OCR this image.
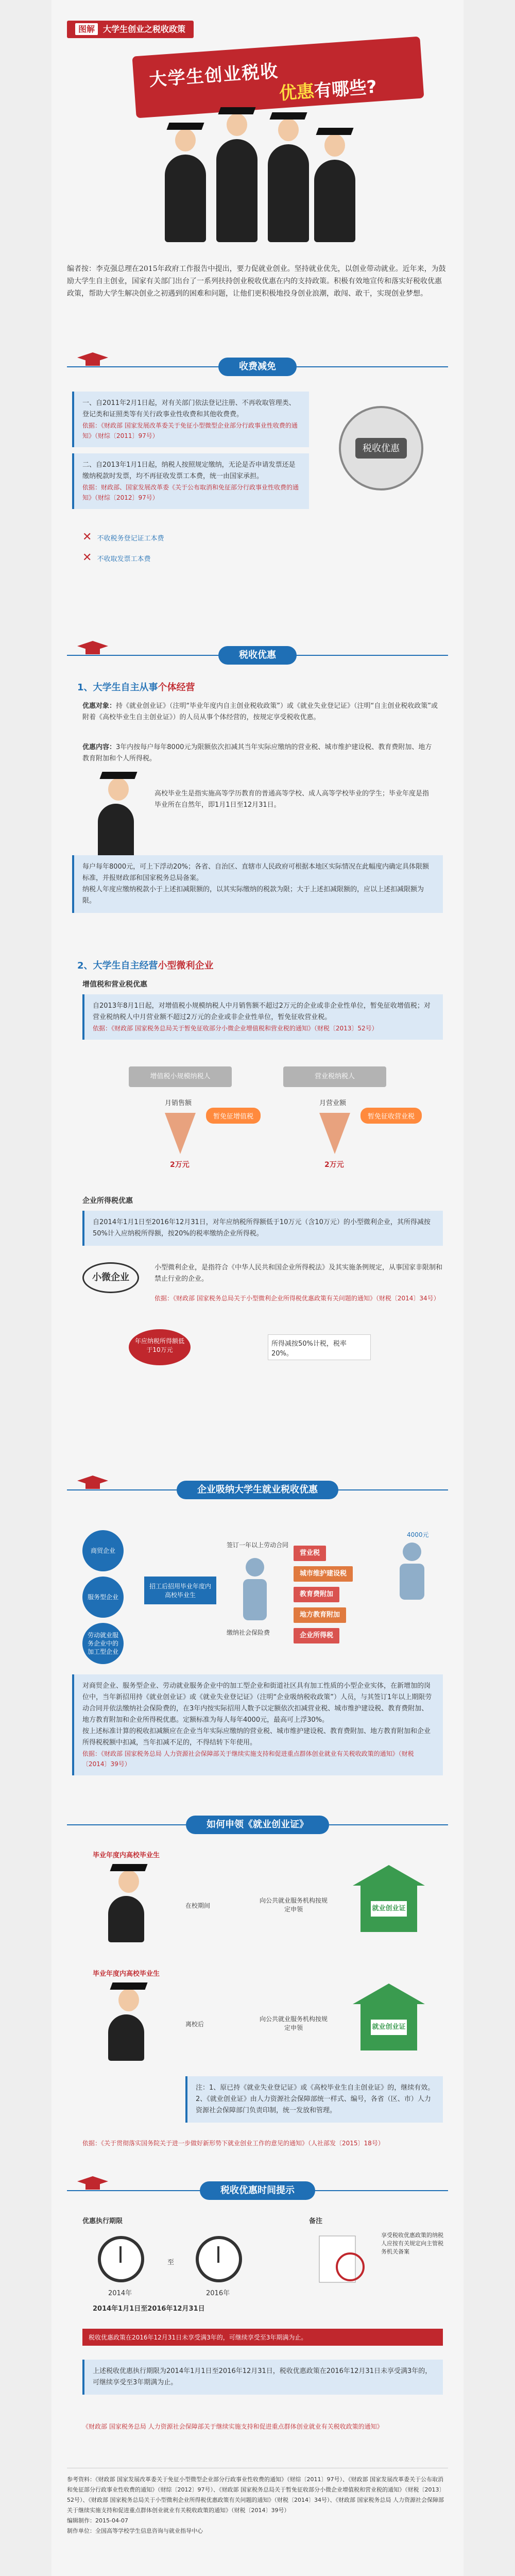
图解 大学生创业之税收政策
大学生创业税收
优惠有哪些?

编者按：李克强总理在2015年政府工作报告中提出，要力促就业创业。坚持就业优先，以创业带动就业。近年来，为鼓励大学生自主创业，国家有关部门出台了一系列扶持创业税收优惠在内的支持政策。积极有效地宣传和落实好税收优惠政策，帮助大学生解决创业之初遇到的困难和问题，让他们更积极地投身创业浪潮，敢闯、敢干，实现创业梦想。

收费减免
一、自2011年2月1日起，对有关部门依法登记注册、不再收取管理类、登记类和证照类等有关行政事业性收费和其他收费费。
依据：《财政部 国家发展改革委关于免征小型微型企业部分行政事业性收费的通知》（财综〔2011〕97号）
二、自2013年1月1日起，纳税人按照规定缴纳，无论是否申请发票还是缴纳税款时发票，均不再征收发票工本费，统一由国家承担。
依据：财政部、国家发展改革委《关于公布取消和免征部分行政事业性收费的通知》（财综〔2012〕97号）
税收优惠
✕ 不收税务登记证工本费
✕ 不收取发票工本费
税收优惠
1、大学生自主从事个体经营
优惠对象：持《就业创业证》（注明“毕业年度内自主创业税收政策”）或《就业失业登记证》（注明“自主创业税收政策”或附着《高校毕业生自主创业证》）的人员从事个体经营的，按规定享受税收优惠。
优惠内容：3年内按每户每年8000元为限额依次扣减其当年实际应缴纳的营业税、城市维护建设税、教育费附加、地方教育附加和个人所得税。
高校毕业生是指实施高等学历教育的普通高等学校、成人高等学校毕业的学生；毕业年度是指毕业所在自然年，即1月1日至12月31日。
每户每年8000元，可上下浮动20%；各省、自治区、直辖市人民政府可根据本地区实际情况在此幅度内确定具体限额标准，并报财政部和国家税务总局备案。
纳税人年度应缴纳税款小于上述扣减限额的，以其实际缴纳的税款为限；大于上述扣减限额的，应以上述扣减限额为限。
2、大学生自主经营小型微利企业
增值税和营业税优惠
自2013年8月1日起，对增值税小规模纳税人中月销售额不超过2万元的企业或非企业性单位，暂免征收增值税；对营业税纳税人中月营业额不超过2万元的企业或非企业性单位，暂免征收营业税。
依据：《财政部 国家税务总局关于暂免征收部分小微企业增值税和营业税的通知》（财税〔2013〕52号）
增值税小规模纳税人	营业税纳税人
月销售额	月营业额
2万元	2万元
暂免征增值税	暂免征收营业税
企业所得税优惠
自2014年1月1日至2016年12月31日，对年应纳税所得额低于10万元（含10万元）的小型微利企业，其所得减按50%计入应纳税所得额，按20%的税率缴纳企业所得税。
小微企业
小型微利企业，是指符合《中华人民共和国企业所得税法》及其实施条例规定，从事国家非限制和禁止行业的企业。
依据：《财政部 国家税务总局关于小型微利企业所得税优惠政策有关问题的通知》（财税〔2014〕34号）
年应纳税所得额低于10万元
所得减按50%计税，税率20%。
企业吸纳大学生就业税收优惠
商贸企业
服务型企业
劳动就业服务企业中的加工型企业
招工后招用毕业年度内高校毕业生
签订一年以上劳动合同
缴纳社会保险费
营业税
城市维护建设税
教育费附加
地方教育附加
企业所得税
4000元
对商贸企业、服务型企业、劳动就业服务企业中的加工型企业和街道社区具有加工性质的小型企业实体，在新增加的岗位中，当年新招用持《就业创业证》或《就业失业登记证》（注明“企业吸纳税收政策”）人员，与其签订1年以上期限劳动合同并依法缴纳社会保险费的，在3年内按实际招用人数予以定额依次扣减营业税、城市维护建设税、教育费附加、地方教育附加和企业所得税优惠。定额标准为每人每年4000元，最高可上浮30%。
按上述标准计算的税收扣减额应在企业当年实际应缴纳的营业税、城市维护建设税、教育费附加、地方教育附加和企业所得税税额中扣减，当年扣减不足的，不得结转下年使用。
依据：《财政部 国家税务总局 人力资源社会保障部关于继续实施支持和促进重点群体创业就业有关税收政策的通知》（财税〔2014〕39号）
如何申领《就业创业证》
毕业年度内高校毕业生
在校期间
向公共就业服务机构按规定申领	就业创业证
毕业年度内高校毕业生
离校后
向公共就业服务机构按规定申领	就业创业证
注：1、原已持《就业失业登记证》或《高校毕业生自主创业证》的，继续有效。
2、《就业创业证》由人力资源社会保障部统一样式、编号，各省（区、市）人力资源社会保障部门负责印制，统一发放和管理。
依据：《关于贯彻落实国务院关于进一步做好新形势下就业创业工作的意见的通知》（人社部发〔2015〕18号）
税收优惠时间提示
优惠执行期限
2014年
至
2016年
2014年1月1日至2016年12月31日
备注
享受税收优惠政策的纳税人应按有关规定向主管税务机关备案
税收优惠政策在2016年12月31日未享受满3年的，可继续享受至3年期满为止。
上述税收优惠执行期限为2014年1月1日至2016年12月31日，税收优惠政策在2016年12月31日未享受满3年的，可继续享受至3年期满为止。
《财政部 国家税务总局 人力资源社会保障部关于继续实施支持和促进重点群体创业就业有关税收政策的通知》
参考资料：《财政部 国家发展改革委关于免征小型微型企业部分行政事业性收费的通知》（财综〔2011〕97号）、《财政部 国家发展改革委关于公布取消和免征部分行政事业性收费的通知》（财综〔2012〕97号）、《财政部 国家税务总局关于暂免征收部分小微企业增值税和营业税的通知》（财税〔2013〕52号）、《财政部 国家税务总局关于小型微利企业所得税优惠政策有关问题的通知》（财税〔2014〕34号）、《财政部 国家税务总局 人力资源社会保障部关于继续实施支持和促进重点群体创业就业有关税收政策的通知》（财税〔2014〕39号）
编辑制作：2015-04-07
制作单位：全国高等学校学生信息咨询与就业指导中心
